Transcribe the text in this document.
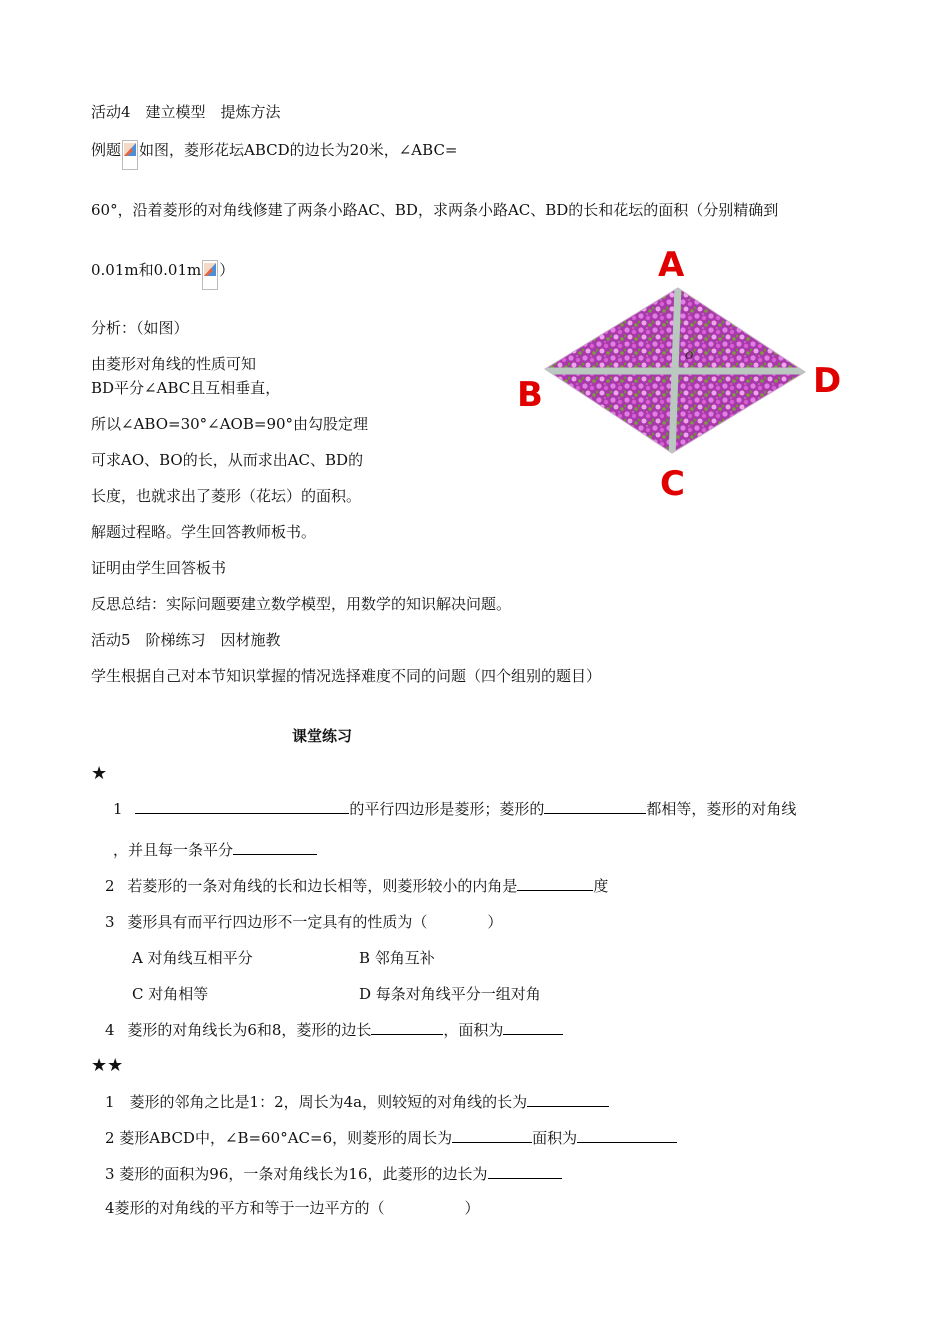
活动4　建立模型　提炼方法
例题 如图，菱形花坛ABCD的边长为20米，∠ABC=
60°，沿着菱形的对角线修建了两条小路AC、BD，求两条小路AC、BD的长和花坛的面积（分别精确到
0.01m和0.01m ）
分析：（如图）
由菱形对角线的性质可知
BD平分∠ABC且互相垂直，
所以∠ABO=30°∠AOB=90°由勾股定理
可求AO、BO的长，从而求出AC、BD的
长度，也就求出了菱形（花坛）的面积。
解题过程略。学生回答教师板书。
证明由学生回答板书
反思总结：实际问题要建立数学模型，用数学的知识解决问题。
O
A
B
C
D
活动5　阶梯练习　因材施教
学生根据自己对本节知识掌握的情况选择难度不同的问题（四个组别的题目）
课堂练习
★
1	的平行四边形是菱形；菱形的	都相等，菱形的对角线
，并且每一条平分
2 若菱形的一条对角线的长和边长相等，则菱形较小的内角是	度
3 菱形具有而平行四边形不一定具有的性质为（	）
A 对角线互相平分	B 邻角互补
C 对角相等	D 每条对角线平分一组对角
4 菱形的对角线长为6和8，菱形的边长	，面积为
★★
1　菱形的邻角之比是1：2，周长为4a，则较短的对角线的长为
2 菱形ABCD中，∠B=60°AC=6，则菱形的周长为	面积为
3 菱形的面积为96，一条对角线长为16，此菱形的边长为
4菱形的对角线的平方和等于一边平方的（	）
